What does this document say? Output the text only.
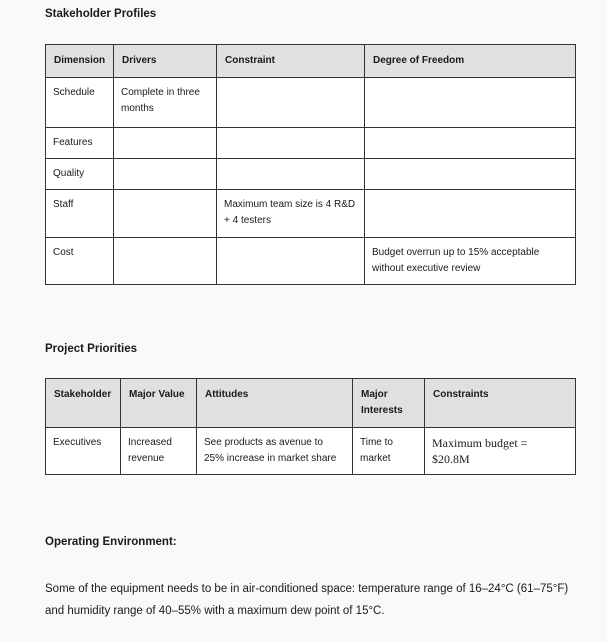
Stakeholder Profiles
Dimension	Drivers	Constraint	Degree of Freedom
Schedule	Complete in three months		
Features			
Quality			
Staff		Maximum team size is 4 R&D + 4 testers	
Cost			Budget overrun up to 15% acceptable without executive review
Project Priorities
Stakeholder	Major Value	Attitudes	Major Interests	Constraints
Executives	Increased revenue	See products as avenue to 25% increase in market share	Time to market	Maximum budget = $20.8M
Operating Environment:
Some of the equipment needs to be in air-conditioned space: temperature range of 16–24°C (61–75°F) and humidity range of 40–55% with a maximum dew point of 15°C.
